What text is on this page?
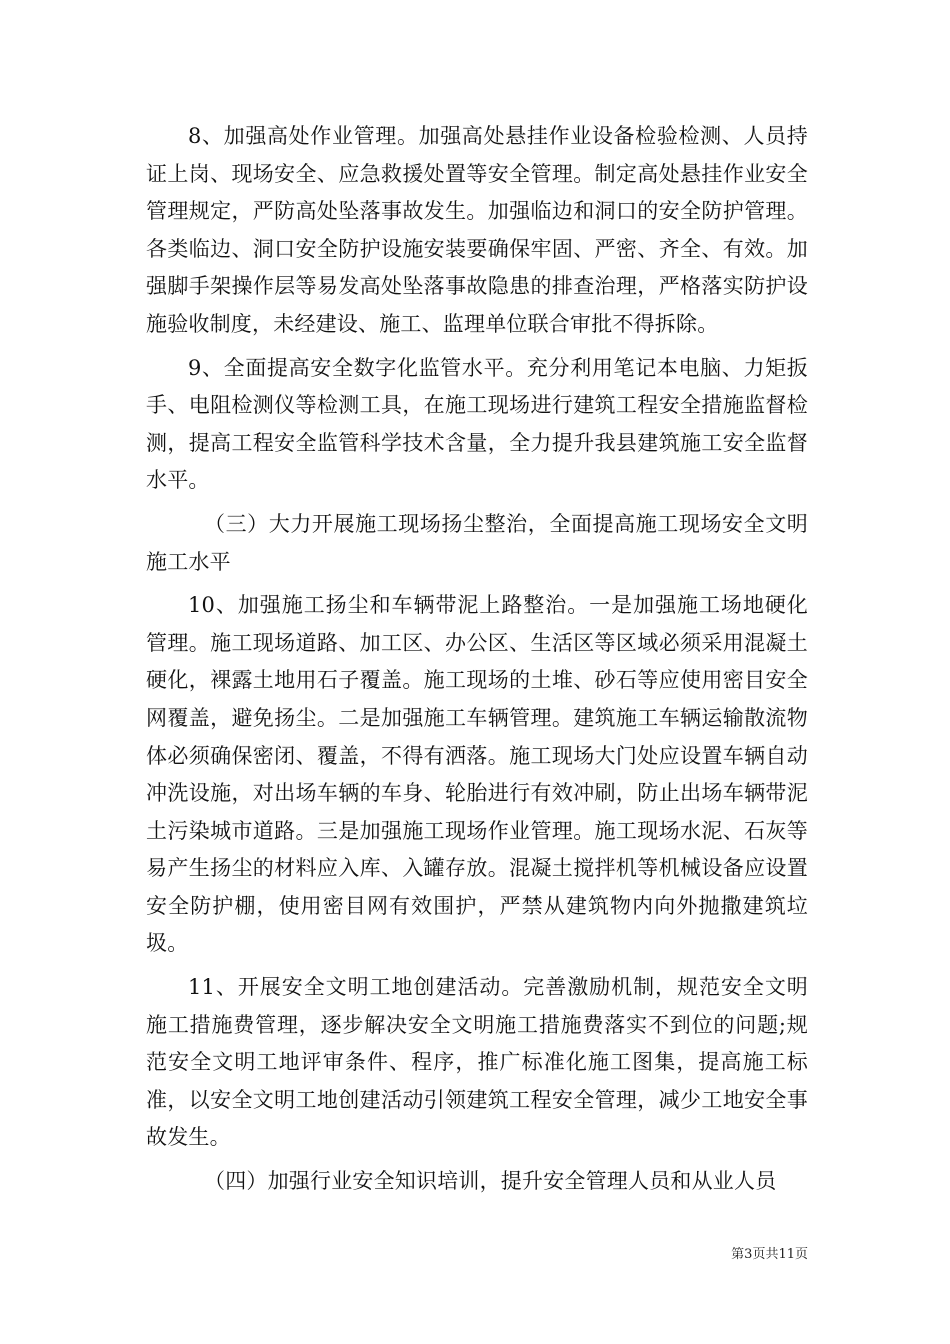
8、加强高处作业管理。加强高处悬挂作业设备检验检测、人员持证上岗、现场安全、应急救援处置等安全管理。制定高处悬挂作业安全管理规定，严防高处坠落事故发生。加强临边和洞口的安全防护管理。各类临边、洞口安全防护设施安装要确保牢固、严密、齐全、有效。加强脚手架操作层等易发高处坠落事故隐患的排查治理，严格落实防护设施验收制度，未经建设、施工、监理单位联合审批不得拆除。

9、全面提高安全数字化监管水平。充分利用笔记本电脑、力矩扳手、电阻检测仪等检测工具，在施工现场进行建筑工程安全措施监督检测，提高工程安全监管科学技术含量，全力提升我县建筑施工安全监督水平。

（三）大力开展施工现场扬尘整治，全面提高施工现场安全文明施工水平

10、加强施工扬尘和车辆带泥上路整治。一是加强施工场地硬化管理。施工现场道路、加工区、办公区、生活区等区域必须采用混凝土硬化，裸露土地用石子覆盖。施工现场的土堆、砂石等应使用密目安全网覆盖，避免扬尘。二是加强施工车辆管理。建筑施工车辆运输散流物体必须确保密闭、覆盖，不得有洒落。施工现场大门处应设置车辆自动冲洗设施，对出场车辆的车身、轮胎进行有效冲刷，防止出场车辆带泥土污染城市道路。三是加强施工现场作业管理。施工现场水泥、石灰等易产生扬尘的材料应入库、入罐存放。混凝土搅拌机等机械设备应设置安全防护棚，使用密目网有效围护，严禁从建筑物内向外抛撒建筑垃圾。

11、开展安全文明工地创建活动。完善激励机制，规范安全文明施工措施费管理，逐步解决安全文明施工措施费落实不到位的问题;规范安全文明工地评审条件、程序，推广标准化施工图集，提高施工标准，以安全文明工地创建活动引领建筑工程安全管理，减少工地安全事故发生。

（四）加强行业安全知识培训，提升安全管理人员和从业人员

第3页共11页
